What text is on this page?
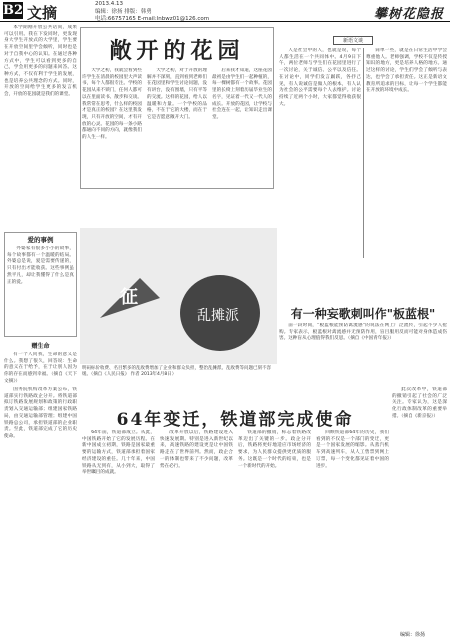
B2 文摘	2013.4.13
编辑：徐扬 排版：韩勇
电话:66757165 E-mail:lnbwz01@126.com	攀树花隐报

本学期刚开放公共话筒，成果可以引用。我在下发同时，更发现身大学生开放式的大学里，学生要在开放空间里学会倾听，同时也是对于自我中心的认知。在通过各种方式中，学生可以看到更多的自己，学会用更多的问题来回答。这种方式，不仅有利于学生的发展，也是培养公共理念的方式。同时，开放的空间给学生更多的发言机会，开放的花园就是我们的课堂。

敞开的花园

大学之初，我就会看到些许学生在清晨的校园里大声读书，每个人都很专注。学校的花园从来不锁门，任何人都可以在里面读书、散步和交谈。我常常在思考，什么样的校园才是真正的校园？在这里我发现，只有开放的空间，才有开放的心灵。花园的每一条小路都通向不同的方向，就像我们的人生一样。

大学之初，对于开放的理解并不深刻，直到看到老师们在花园里和学生讨论问题，没有讲台，没有围墙，只有平等的交流。这样的花园，给人以温暖和力量。一个学校的品格，不在于它的大楼，而在于它是否愿意敞开大门。

后来我才知道，这座花园最初是由学生们一起种植的，每一棵树都有一个故事。花园里的长椅上刻着历届毕业生的名字，见证着一代又一代人的成长。开放的花园，让学校与社会连在一起，让知识走出课堂。

新语文谈

人是社会中的人，也就是说，每个人都生活在一个共同体中。4月9日下午，两位老师与学生们在花园里进行了一次讨论，关于诚信、公平以及信任。在讨论中，同学们发言踊跃，各抒己见，有人说诚信是做人的根本，有人认为社会的公平需要每个人去维护。讨论持续了近两个小时，大家都觉得收获很大。

简单一些，就是在日常生活中学会尊重他人。老师强调，学校不仅是传授知识的地方，更是培养人格的地方。通过这样的讨论，学生们学会了倾听与表达，也学会了承担责任。这正是新语文教育所追求的目标，让每一个学生都能在开放的环境中成长。

爱的事例

外婆家有很多小小的故事，每个故事都有一个温暖的结局。外婆总是说，爱是需要传递的，只有付出才能收获。这些事例虽然平凡，却让我懂得了什么是真正的爱。

赠生命

有一个人问我，生命的意义是什么。我想了很久，回答说：生命的意义在于给予，在于让别人因为你的存在而感到幸福。（摘自《天下文摘》）

征
乱摊派
明码标价收费、名目繁多的乱收费增加了企业和群众负担，整治乱摊派、乱收费等问题已刻不容缓。（摘自《人民日报》 作者 2013年4月8日）
有一种妄歌刺叫作"板蓝根"

前一段时间，"板蓝根能预防禽流感"的说法在网上广泛流传，引起不少人抢购。专家表示，板蓝根对禽流感并无预防作用，盲目服用反而可能对身体造成伤害。这种盲从心理值得我们反思。（摘自《中国青年报》）

国务院机构改革方案公布，铁道部实行铁路政企分开。将铁道部拟订铁路发展规划和政策的行政职责划入交通运输部；组建国家铁路局，由交通运输部管理；组建中国铁路总公司，承担铁道部的企业职责。至此，铁道部完成了它的历史使命。

64年变迁，铁道部完成使命

64年前，铁道部成立。从此，中国铁路开始了它的发展历程。在新中国成立初期，铁路是国家最重要的运输方式，铁道部承担着国家经济建设的重任。几十年来，中国铁路从无到有，从小到大，取得了举世瞩目的成就。

改革开放以后，铁路建设进入快速发展期。特别是进入新世纪以来，高速铁路的建设更是让中国铁路走在了世界前列。然而，政企合一的体制也带来了不少问题，改革势在必行。

铁道部的撤销，标志着铁路改革迈出了关键的一步。政企分开后，铁路将更好地适应市场经济的要求，为人民群众提供更优质的服务。这既是一个时代的结束，也是一个新时代的开始。

回顾铁道部64年的历史，我们看到的不仅是一个部门的变迁，更是一个国家发展的缩影。从蒸汽机车到高速列车，从人工售票到网上订票，每一个变化都见证着中国的进步。

此次改革中，铁道部的撤销引起了社会的广泛关注。专家认为，这是深化行政体制改革的重要举措。（摘自《新京报》）

编辑：徐扬
